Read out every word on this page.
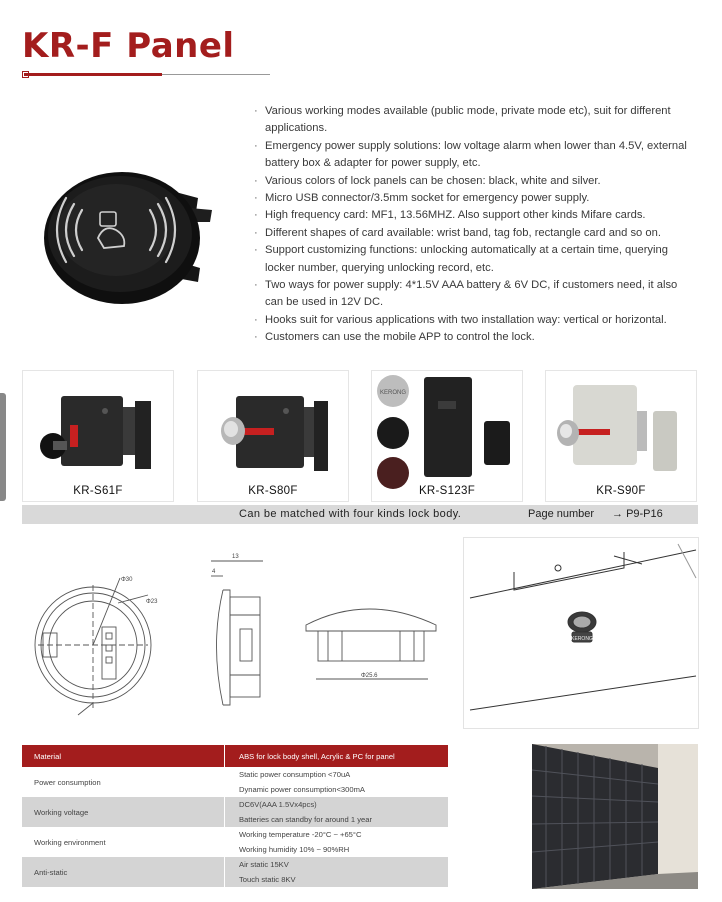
KR-F Panel
· Various working modes available (public mode, private mode etc), suit for different applications.
· Emergency power supply solutions: low voltage alarm when lower than 4.5V, external battery box & adapter for power supply, etc.
· Various colors of lock panels can be chosen: black, white and silver.
· Micro USB connector/3.5mm socket for emergency power supply.
· High frequency card: MF1, 13.56MHZ. Also support other kinds Mifare cards.
· Different shapes of card available: wrist band, tag fob, rectangle card and so on.
· Support customizing functions: unlocking automatically at a certain time, querying locker number, querying unlocking record, etc.
· Two ways for power supply: 4*1.5V AAA battery & 6V DC, if customers need, it also can be used in 12V DC.
· Hooks suit for various applications with two installation way: vertical or horizontal.
· Customers can use the mobile APP to control the lock.
KR-S61F	KR-S80F
KERONG
KR-S123F	KR-S90F
Can be matched with four kinds lock body.	Page number → P9-P16
Φ30
Φ23
13
4
Φ25.6
KERONG
Material	ABS for lock body shell, Acrylic & PC for panel
Power consumption	Static power consumption <70uA
Dynamic power consumption<300mA

Working voltage	DC6V(AAA 1.5Vx4pcs)
Batteries can standby for around 1 year

Working environment	Working temperature -20°C ~ +65°C
Working humidity 10% ~ 90%RH

Anti-static	Air static 15KV
Touch static 8KV
